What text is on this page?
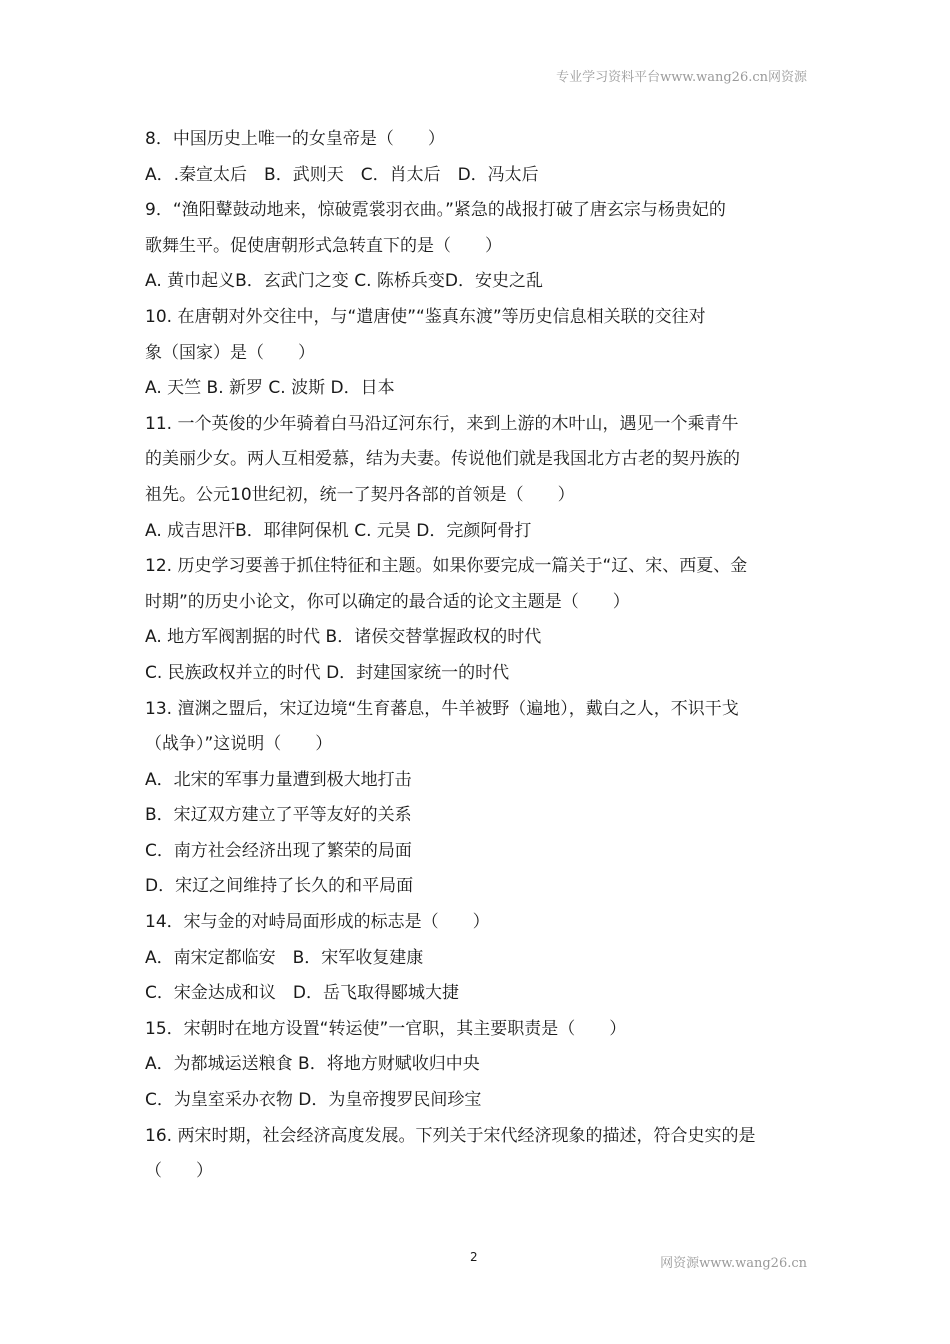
专业学习资料平台www.wang26.cn网资源
8．中国历史上唯一的女皇帝是（　　）
A．.秦宣太后　B．武则天　C．肖太后　D．冯太后
9．“渔阳鼙鼓动地来，惊破霓裳羽衣曲。”紧急的战报打破了唐玄宗与杨贵妃的
歌舞生平。促使唐朝形式急转直下的是（　　）
A. 黄巾起义B．玄武门之变 C. 陈桥兵变D．安史之乱
10. 在唐朝对外交往中，与“遣唐使”“鉴真东渡”等历史信息相关联的交往对
象（国家）是（　　）
A. 天竺 B. 新罗 C. 波斯 D．日本
11. 一个英俊的少年骑着白马沿辽河东行，来到上游的木叶山，遇见一个乘青牛
的美丽少女。两人互相爱慕，结为夫妻。传说他们就是我国北方古老的契丹族的
祖先。公元10世纪初，统一了契丹各部的首领是（　　）
A. 成吉思汗B．耶律阿保机 C. 元昊 D．完颜阿骨打
12. 历史学习要善于抓住特征和主题。如果你要完成一篇关于“辽、宋、西夏、金
时期”的历史小论文，你可以确定的最合适的论文主题是（　　）
A. 地方军阀割据的时代 B．诸侯交替掌握政权的时代
C. 民族政权并立的时代 D．封建国家统一的时代
13. 澶渊之盟后，宋辽边境“生育蕃息，牛羊被野（遍地），戴白之人，不识干戈
（战争）”这说明（　　）
A．北宋的军事力量遭到极大地打击
B．宋辽双方建立了平等友好的关系
C．南方社会经济出现了繁荣的局面
D．宋辽之间维持了长久的和平局面
14．宋与金的对峙局面形成的标志是（　　）
A．南宋定都临安　B．宋军收复建康
C．宋金达成和议　D．岳飞取得郾城大捷
15．宋朝时在地方设置“转运使”一官职，其主要职责是（　　）
A．为都城运送粮食 B．将地方财赋收归中央
C．为皇室采办衣物 D．为皇帝搜罗民间珍宝
16. 两宋时期，社会经济高度发展。下列关于宋代经济现象的描述，符合史实的是
（　　）
2	网资源www.wang26.cn
